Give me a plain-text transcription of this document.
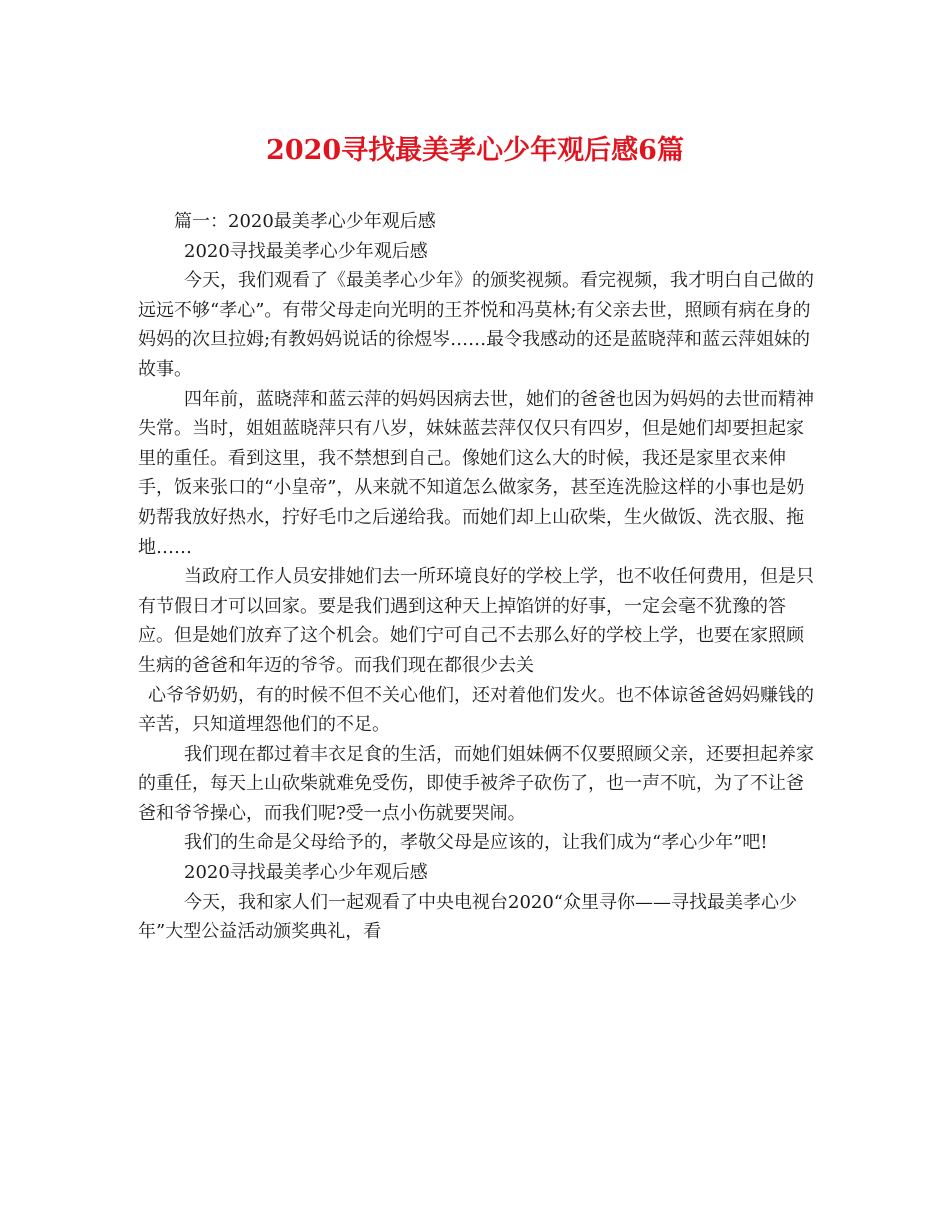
2020寻找最美孝心少年观后感6篇

篇一：2020最美孝心少年观后感

2020寻找最美孝心少年观后感

今天，我们观看了《最美孝心少年》的颁奖视频。看完视频，我才明白自己做的远远不够“孝心”。有带父母走向光明的王芥悦和冯莫林;有父亲去世，照顾有病在身的妈妈的次旦拉姆;有教妈妈说话的徐煜岑……最令我感动的还是蓝晓萍和蓝云萍姐妹的故事。

四年前，蓝晓萍和蓝云萍的妈妈因病去世，她们的爸爸也因为妈妈的去世而精神失常。当时，姐姐蓝晓萍只有八岁，妹妹蓝芸萍仅仅只有四岁，但是她们却要担起家里的重任。看到这里，我不禁想到自己。像她们这么大的时候，我还是家里衣来伸手，饭来张口的“小皇帝”，从来就不知道怎么做家务，甚至连洗脸这样的小事也是奶奶帮我放好热水，拧好毛巾之后递给我。而她们却上山砍柴，生火做饭、洗衣服、拖地……

当政府工作人员安排她们去一所环境良好的学校上学，也不收任何费用，但是只有节假日才可以回家。要是我们遇到这种天上掉馅饼的好事，一定会毫不犹豫的答应。但是她们放弃了这个机会。她们宁可自己不去那么好的学校上学，也要在家照顾生病的爸爸和年迈的爷爷。而我们现在都很少去关

心爷爷奶奶，有的时候不但不关心他们，还对着他们发火。也不体谅爸爸妈妈赚钱的辛苦，只知道埋怨他们的不足。

我们现在都过着丰衣足食的生活，而她们姐妹俩不仅要照顾父亲，还要担起养家的重任，每天上山砍柴就难免受伤，即使手被斧子砍伤了，也一声不吭，为了不让爸爸和爷爷操心，而我们呢?受一点小伤就要哭闹。

我们的生命是父母给予的，孝敬父母是应该的，让我们成为“孝心少年”吧!

2020寻找最美孝心少年观后感

今天，我和家人们一起观看了中央电视台2020“众里寻你——寻找最美孝心少年”大型公益活动颁奖典礼，看
